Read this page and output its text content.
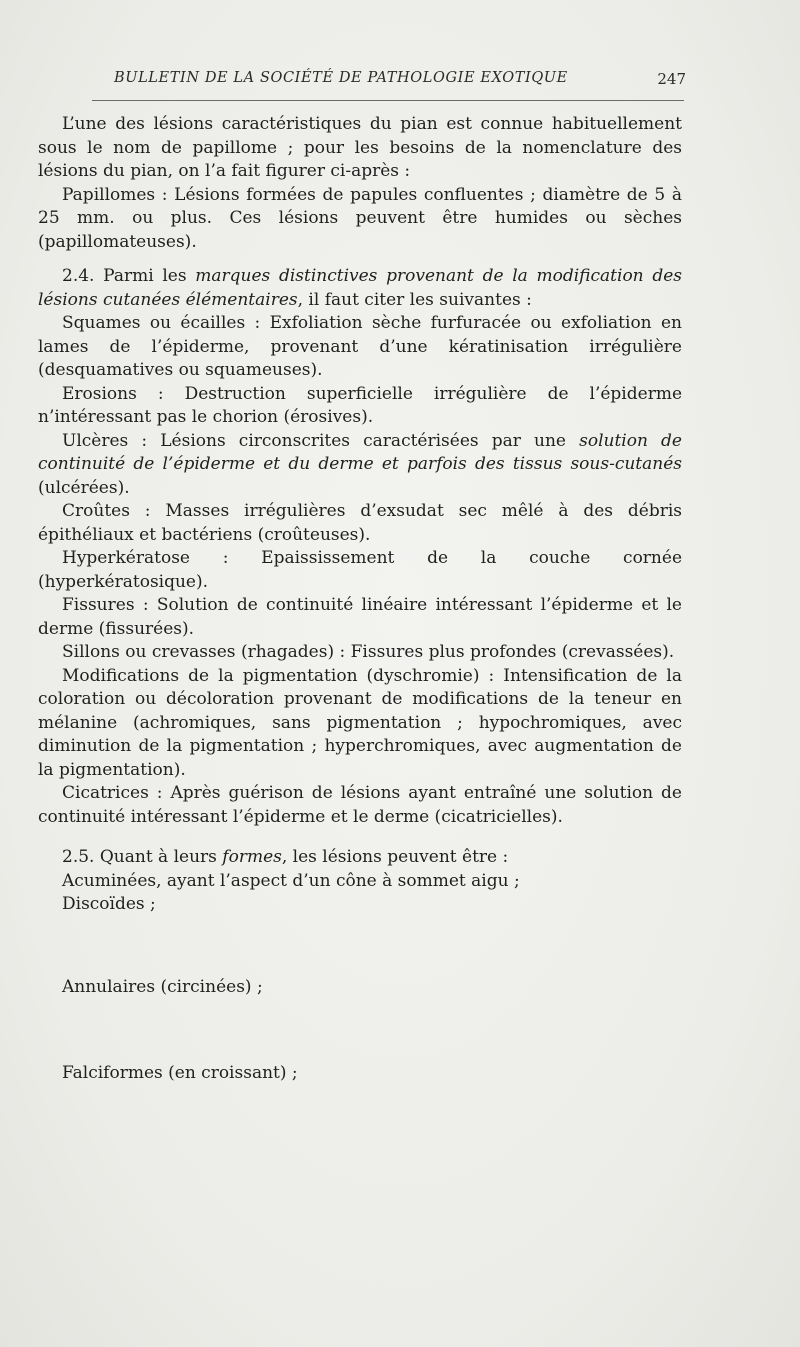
BULLETIN DE LA SOCIÉTÉ DE PATHOLOGIE EXOTIQUE	247

L’une des lésions caractéristiques du pian est connue habituellement sous le nom de papillome ; pour les besoins de la nomenclature des lésions du pian, on l’a fait figurer ci-après :

Papillomes : Lésions formées de papules confluentes ; diamètre de 5 à 25 mm. ou plus. Ces lésions peuvent être humides ou sèches (papillomateuses).

2.4. Parmi les marques distinctives provenant de la modification des lésions cutanées élémentaires, il faut citer les suivantes :

Squames ou écailles : Exfoliation sèche furfuracée ou exfoliation en lames de l’épiderme, provenant d’une kératinisation irrégulière (desquamatives ou squameuses).

Erosions : Destruction superficielle irrégulière de l’épiderme n’intéressant pas le chorion (érosives).

Ulcères : Lésions circonscrites caractérisées par une solution de continuité de l’épiderme et du derme et parfois des tissus sous-cutanés (ulcérées).

Croûtes : Masses irrégulières d’exsudat sec mêlé à des débris épithéliaux et bactériens (croûteuses).

Hyperkératose : Epaississement de la couche cornée (hyperkératosique).

Fissures : Solution de continuité linéaire intéressant l’épiderme et le derme (fissurées).

Sillons ou crevasses (rhagades) : Fissures plus profondes (crevassées).

Modifications de la pigmentation (dyschromie) : Intensification de la coloration ou décoloration provenant de modifications de la teneur en mélanine (achromiques, sans pigmentation ; hypochromiques, avec diminution de la pigmentation ; hyperchromiques, avec augmentation de la pigmentation).

Cicatrices : Après guérison de lésions ayant entraîné une solution de continuité intéressant l’épiderme et le derme (cicatricielles).

2.5. Quant à leurs formes, les lésions peuvent être :

Acuminées, ayant l’aspect d’un cône à sommet aigu ;

Discoïdes ;

Annulaires (circinées) ;

Falciformes (en croissant) ;
